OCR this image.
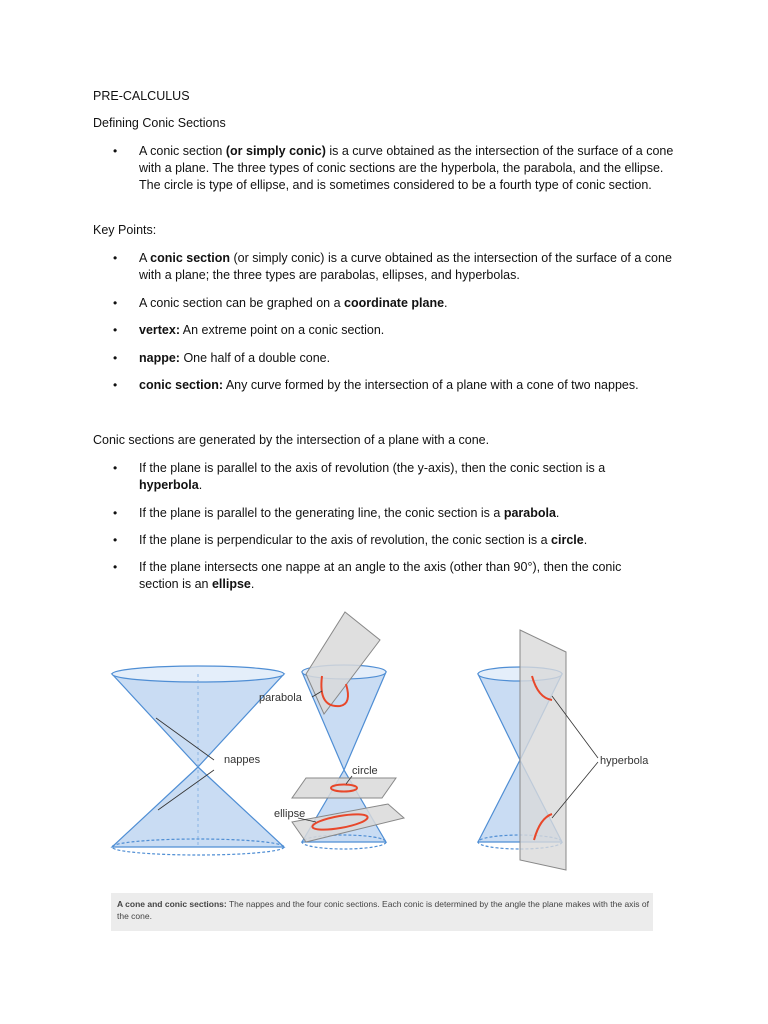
PRE-CALCULUS
Defining Conic Sections
• A conic section (or simply conic) is a curve obtained as the intersection of the surface of a cone with a plane. The three types of conic sections are the hyperbola, the parabola, and the ellipse. The circle is type of ellipse, and is sometimes considered to be a fourth type of conic section.
Key Points:
• A conic section (or simply conic) is a curve obtained as the intersection of the surface of a cone with a plane; the three types are parabolas, ellipses, and hyperbolas.
• A conic section can be graphed on a coordinate plane.
• vertex: An extreme point on a conic section.
• nappe: One half of a double cone.
• conic section: Any curve formed by the intersection of a plane with a cone of two nappes.
Conic sections are generated by the intersection of a plane with a cone.
• If the plane is parallel to the axis of revolution (the y-axis), then the conic section is a hyperbola.
• If the plane is parallel to the generating line, the conic section is a parabola.
• If the plane is perpendicular to the axis of revolution, the conic section is a circle.
• If the plane intersects one nappe at an angle to the axis (other than 90°), then the conic section is an ellipse.
nappes
parabola
circle
ellipse
hyperbola
A cone and conic sections: The nappes and the four conic sections. Each conic is determined by the angle the plane makes with the axis of the cone.
